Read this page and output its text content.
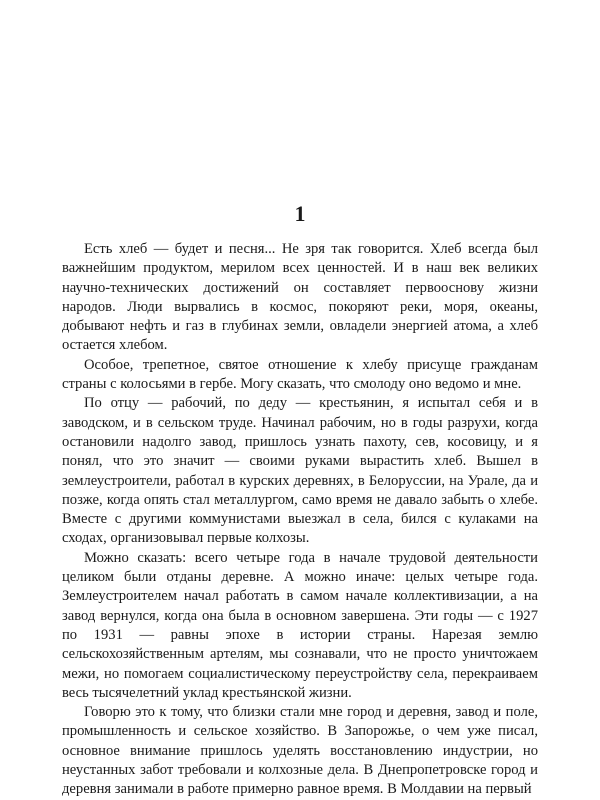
1

Есть хлеб — будет и песня... Не зря так говорится. Хлеб всегда был важнейшим продуктом, мерилом всех ценностей. И в наш век великих научно-технических достижений он составляет первооснову жизни народов. Люди вырвались в космос, покоряют реки, моря, океаны, добывают нефть и газ в глубинах земли, овладели энергией атома, а хлеб остается хлебом.

Особое, трепетное, святое отношение к хлебу присуще гражданам страны с колосьями в гербе. Могу сказать, что смолоду оно ведомо и мне.

По отцу — рабочий, по деду — крестьянин, я испытал себя и в заводском, и в сельском труде. Начинал рабочим, но в годы разрухи, когда остановили надолго завод, пришлось узнать пахоту, сев, косовицу, и я понял, что это значит — своими руками вырастить хлеб. Вышел в землеустроители, работал в курских деревнях, в Белоруссии, на Урале, да и позже, когда опять стал металлургом, само время не давало забыть о хлебе. Вместе с другими коммунистами выезжал в села, бился с кулаками на сходах, организовывал первые колхозы.

Можно сказать: всего четыре года в начале трудовой деятельности целиком были отданы деревне. А можно иначе: целых четыре года. Землеустроителем начал работать в самом начале коллективизации, а на завод вернулся, когда она была в основном завершена. Эти годы — с 1927 по 1931 — равны эпохе в истории страны. Нарезая землю сельскохозяйственным артелям, мы сознавали, что не просто уничтожаем межи, но помогаем социалистическому переустройству села, перекраиваем весь тысячелетний уклад крестьянской жизни.

Говорю это к тому, что близки стали мне город и деревня, завод и поле, промышленность и сельское хозяйство. В Запорожье, о чем уже писал, основное внимание пришлось уделять восстановлению индустрии, но неустанных забот требовали и колхозные дела. В Днепропетровске город и деревня занимали в работе примерно равное время. В Молдавии на первый
